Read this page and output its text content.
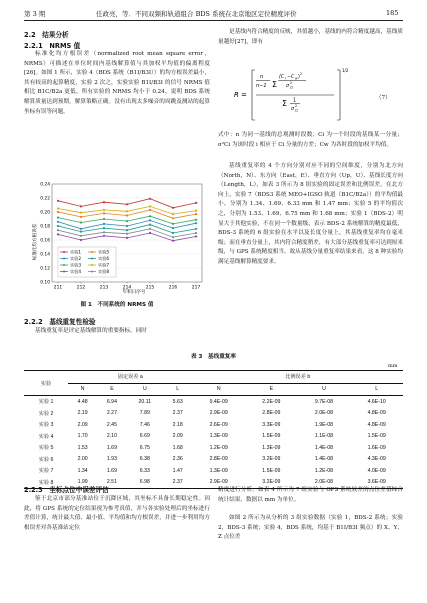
第 3 期	任政亮，等．不同双频和轨道组合 BDS 系统在北京地区定位精度评价	185
2.2　结果分析
2.2.1　NRMS 值

标准化均方根误差（normalized root mean square error，NRMS）可描述在单位时间内基线解算值与其加权平均值的偏离程度[26]。如图 1 所示，实验 4（BDS 系统（B1I/B3I））的均方根误差最小，其有较高的起算精度，实验 2 次之，实验实验 B1I/B3I 的信号 NRMS 值相比 B1C/B2a 更低。所有实验的 NRMS 均小于 0.24，说明 BDS 系统解算质量达到预期，解算策略正确。没有出现太多噪音的周跳及测站的起算坐标有误等问题。

0.10
0.12
0.14
0.16
0.18
0.20
0.22
0.24
211	212	213	214	215	216	217
实验1
实验2
实验3
实验4
实验5
实验6
实验7
实验8
标准化均方根误差
年积日序号
图 1　不同系统的 NRMS 值
2.2.2　基线重复性检验

基线重复率是评定基线解算的重要指标，同时

是基线内符合精度的反映，其值越小，基线的内符合精度越高，基线质量越好[27]，即有

R =
n
n−1 Σ
(C i − C w )
2
σ
2
Ci
Σ 1
σ
2
Ci
1/2
（7）

式中：n 为同一基线的总观测时段数；Ci 为一个时段的基线某一分量；σ²Ci 为该时段 i 相应于 Ci 分量的方差；Cw 为各时段的加权平均值。

基线重复率的 4 个方向分别对应不同的空间维度，分别为北方向（North，N）、东方向（East，E）、垂直方向（Up，U）、基线长度方向（Length，L），如表 3 所示为 8 组实验的固定误差和比例误差。在北方向上，实验 7（BDS3 系统 MEO+IGSO 轨道（B1C/B2a））的平均值最小，分别为 1.34、1.69、6.33 mm 和 1.47 mm；实验 5 的平均值次之，分别为 1.53、1.69、6.75 mm 和 1.68 mm；实验 1（BDS-2）明显大于其他实验，不在同一个数量级，表示 BDS-2 系统解算的精度最低，BDS-3 系统的 6 组实验在水平以及长度分量上，其基线重复率均在毫米级；而在垂直分量上，其内符合精度稍差，有大部分基线重复率可达到厘米级，与 GPS 系统精度相当。故从基线分量重复率结果来看，这 8 种实验均满足基线解算精度要求。

表 3　基线重复率
mm
实验	固定误差 a				比例误差 b			
	N	E	U	L	N	E	U	L
实验 1	4.48	6.94	20.11	5.63	9.4E-09	2.2E-09	9.7E-08	4.6E-10
实验 2	2.19	2.27	7.89	2.37	2.9E-09	2.8E-09	2.0E-08	4.8E-09
实验 3	2.09	2.45	7.46	2.18	2.6E-09	3.3E-09	1.9E-08	4.8E-09
实验 4	1.70	2.10	6.69	2.09	1.3E-09	1.5E-09	1.1E-08	1.5E-09
实验 5	1.53	1.69	6.75	1.68	1.2E-09	1.3E-09	1.4E-08	1.6E-09
实验 6	2.00	1.93	6.38	2.36	2.8E-09	3.2E-09	1.4E-08	4.3E-09
实验 7	1.34	1.69	6.33	1.47	1.3E-09	1.5E-09	1.2E-08	4.0E-09
实验 8	1.99	2.51	6.98	2.37	2.9E-09	3.2E-09	2.0E-08	3.6E-09
2.2.3　坐标点位中误差评估

鉴于北京市部分基准站位于沉降区域，其坐标不具备长期稳定性。因此，将 GPS 系统的定位结果视为参考真值，并与各实验处理后的坐标进行差值计算，统计最大值、最小值、平均值和均方根误差，并进一步利用均方根误差对各基准站定位

精度进行分析。如表 4 所示为 7 组实验与 GPS 系统较差的点位差值综合统计结果，数据以 mm 为单位。

如图 2 所示为从分析的 3 组实验数据（实验 1，BDS-2 系统；实验 2，BDS-3 系统；实验 4，BDS 系统，均基于 B1I/B3I 频点）的 X、Y、Z 点位差
